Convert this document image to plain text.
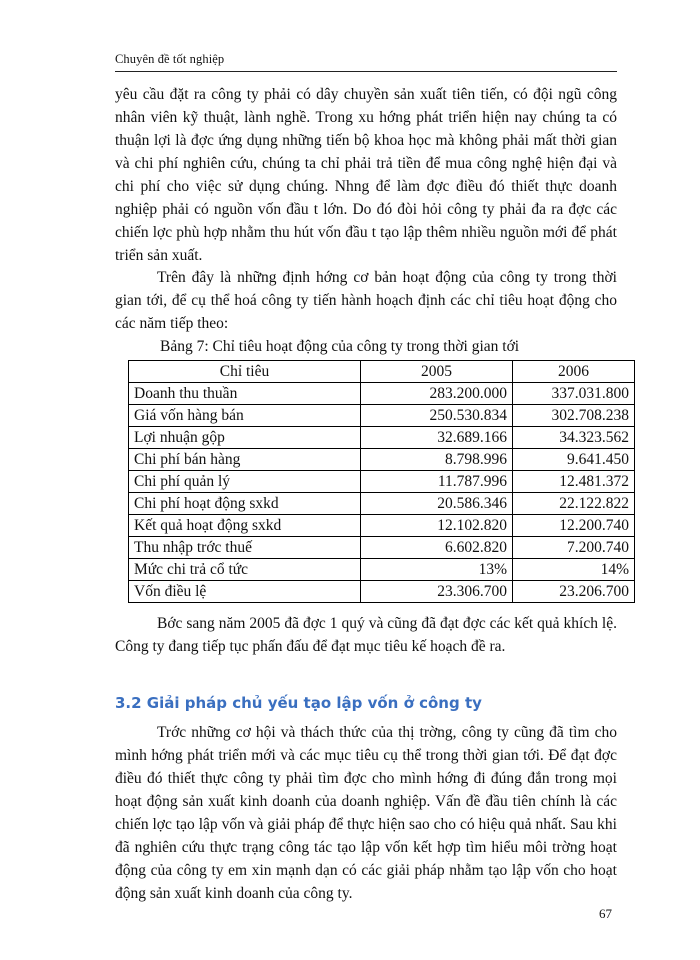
Chuyên đề tốt nghiệp

yêu cầu đặt ra công ty phải có dây chuyền sản xuất tiên tiến, có đội ngũ công nhân viên kỹ thuật, lành nghề. Trong xu hớng phát triển hiện nay chúng ta có thuận lợi là đợc ứng dụng những tiến bộ khoa học mà không phải mất thời gian và chi phí nghiên cứu, chúng ta chỉ phải trả tiền để mua công nghệ hiện đại và chi phí cho việc sử dụng chúng. Nhng để làm đợc điều đó thiết thực doanh nghiệp phải có nguồn vốn đầu t lớn. Do đó đòi hỏi công ty phải đa ra đợc các chiến lợc phù hợp nhằm thu hút vốn đầu t tạo lập thêm nhiều nguồn mới để phát triển sản xuất.

Trên đây là những định hớng cơ bản hoạt động của công ty trong thời gian tới, để cụ thể hoá công ty tiến hành hoạch định các chỉ tiêu hoạt động cho các năm tiếp theo:

Bảng 7: Chỉ tiêu hoạt động của công ty trong thời gian tới
Chỉ tiêu	2005	2006
Doanh thu thuần	283.200.000	337.031.800
Giá vốn hàng bán	250.530.834	302.708.238
Lợi nhuận gộp	32.689.166	34.323.562
Chi phí bán hàng	8.798.996	9.641.450
Chi phí quản lý	11.787.996	12.481.372
Chi phí hoạt động sxkd	20.586.346	22.122.822
Kết quả hoạt động sxkd	12.102.820	12.200.740
Thu nhập trớc thuế	6.602.820	7.200.740
Mức chi trả cổ tức	13%	14%
Vốn điều lệ	23.306.700	23.206.700

Bớc sang năm 2005 đã đợc 1 quý và cũng đã đạt đợc các kết quả khích lệ. Công ty đang tiếp tục phấn đấu để đạt mục tiêu kế hoạch đề ra.

3.2 Giải pháp chủ yếu tạo lập vốn ở công ty

Trớc những cơ hội và thách thức của thị trờng, công ty cũng đã tìm cho mình hớng phát triển mới và các mục tiêu cụ thể trong thời gian tới. Để đạt đợc điều đó thiết thực công ty phải tìm đợc cho mình hớng đi đúng đắn trong mọi hoạt động sản xuất kinh doanh của doanh nghiệp. Vấn đề đầu tiên chính là các chiến lợc tạo lập vốn và giải pháp để thực hiện sao cho có hiệu quả nhất. Sau khi đã nghiên cứu thực trạng công tác tạo lập vốn kết hợp tìm hiểu môi trờng hoạt động của công ty em xin mạnh dạn có các giải pháp nhằm tạo lập vốn cho hoạt động sản xuất kinh doanh của công ty.

67
